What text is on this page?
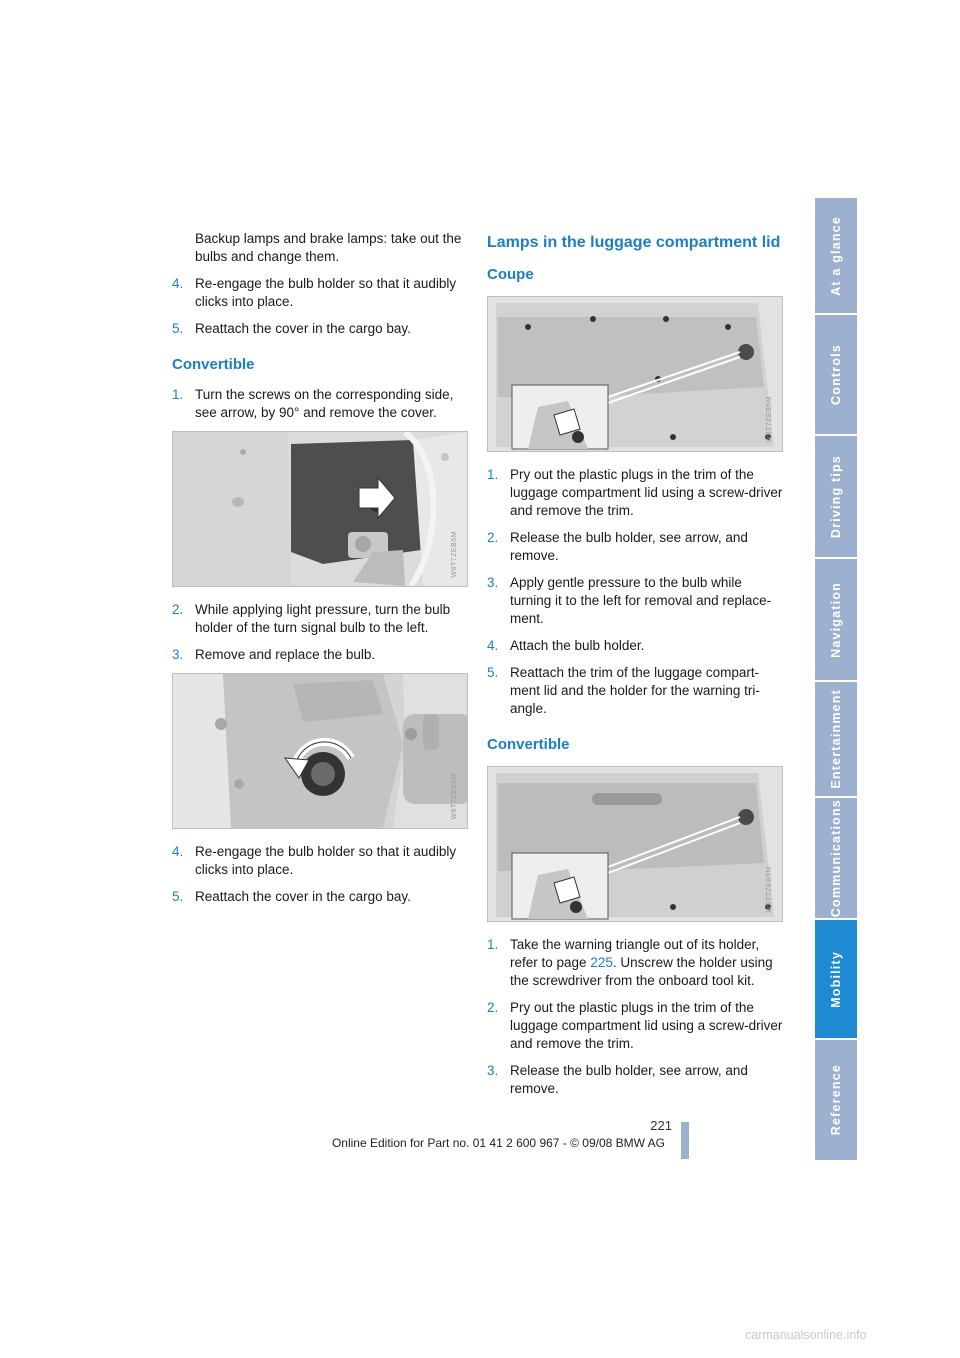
Backup lamps and brake lamps: take out the bulbs and change them.

4. Re-engage the bulb holder so that it audibly clicks into place.
5. Reattach the cover in the cargo bay.
Convertible
1. Turn the screws on the corresponding side, see arrow, by 90° and remove the cover.
W8T7ZEB5M
2. While applying light pressure, turn the bulb holder of the turn signal bulb to the left.
3. Remove and replace the bulb.
W8T7ZEB5M
4. Re-engage the bulb holder so that it audibly clicks into place.
5. Reattach the cover in the cargo bay.
Lamps in the luggage compartment lid
Coupe
W8T7ZEB5M
1. Pry out the plastic plugs in the trim of the luggage compartment lid using a screw-driver and remove the trim.
2. Release the bulb holder, see arrow, and remove.
3. Apply gentle pressure to the bulb while turning it to the left for removal and replace-ment.
4. Attach the bulb holder.
5. Reattach the trim of the luggage compart-ment lid and the holder for the warning tri-angle.
Convertible
W8T7ZEB5M
1. Take the warning triangle out of its holder, refer to page 225. Unscrew the holder using the screwdriver from the onboard tool kit.
2. Pry out the plastic plugs in the trim of the luggage compartment lid using a screw-driver and remove the trim.
3. Release the bulb holder, see arrow, and remove.
At a glance
Controls
Driving tips
Navigation
Entertainment
Communications
Mobility
Reference
221
Online Edition for Part no. 01 41 2 600 967 - © 09/08 BMW AG
carmanualsonline.info
